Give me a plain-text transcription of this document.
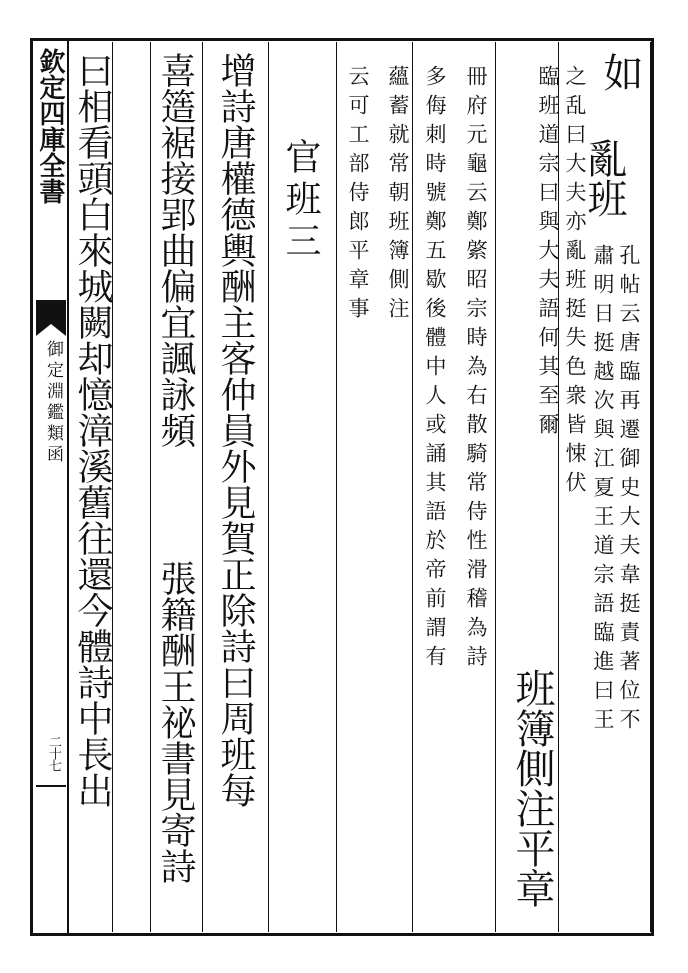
欽定四庫全書
御定淵鑑類函
二十七
如
亂班
班簿側注平章
之乱曰大夫亦亂班挺失色衆皆悚伏
臨班道宗曰與大夫語何其至爾	孔帖云唐臨再遷御史大夫韋挺責著位不
肅明日挺越次與江夏王道宗語臨進曰王
冊府元龜云鄭綮昭宗時為右散騎常侍性滑稽為詩
多侮刺時號鄭五歇後體中人或誦其語於帝前謂有
蘊蓄就常朝班簿側注
云可工部侍郎平章事
官班三
增詩唐權德輿酬主客仲員外見賀正除詩曰周班每
喜簉裾接郢曲偏宜諷詠頻
張籍酬王祕書見寄詩
曰相看頭白來城闕却憶漳溪舊往還今體詩中長出
